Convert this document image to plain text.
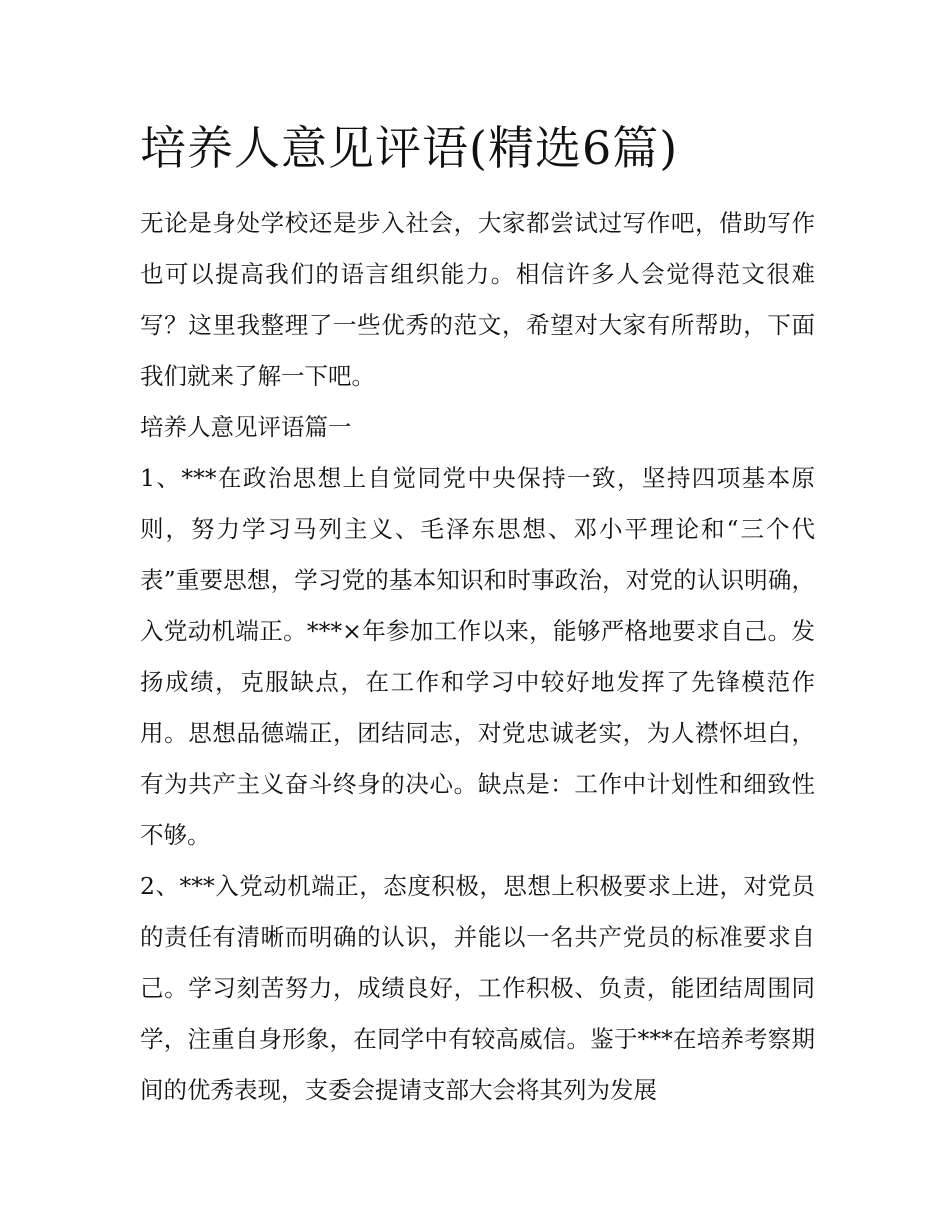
培养人意见评语(精选6篇)

无论是身处学校还是步入社会，大家都尝试过写作吧，借助写作也可以提高我们的语言组织能力。相信许多人会觉得范文很难写？这里我整理了一些优秀的范文，希望对大家有所帮助，下面我们就来了解一下吧。

培养人意见评语篇一

1、***在政治思想上自觉同党中央保持一致，坚持四项基本原则，努力学习马列主义、毛泽东思想、邓小平理论和“三个代表”重要思想，学习党的基本知识和时事政治，对党的认识明确，入党动机端正。***×年参加工作以来，能够严格地要求自己。发扬成绩，克服缺点，在工作和学习中较好地发挥了先锋模范作用。思想品德端正，团结同志，对党忠诚老实，为人襟怀坦白，有为共产主义奋斗终身的决心。缺点是：工作中计划性和细致性不够。

2、***入党动机端正，态度积极，思想上积极要求上进，对党员的责任有清晰而明确的认识，并能以一名共产党员的标准要求自己。学习刻苦努力，成绩良好，工作积极、负责，能团结周围同学，注重自身形象，在同学中有较高威信。鉴于***在培养考察期间的优秀表现，支委会提请支部大会将其列为发展
